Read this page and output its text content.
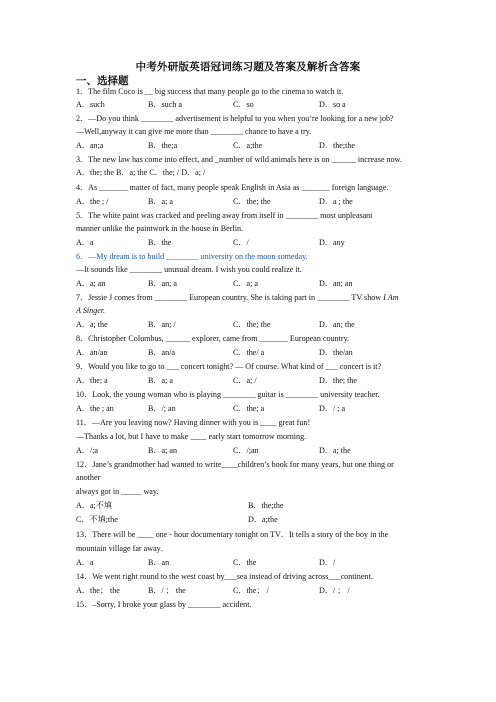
中考外研版英语冠词练习题及答案及解析含答案
一、选择题
1．The film Coco is __ big success that many people go to the cinema to watch it.
A．such	B．such a	C．so	D．so a
2．—Do you think ________ advertisement is helpful to you when you’re looking for a new job?
—Well,anyway it can give me more than ________ chance to have a try.
A．an;a	B．the;a	C．a;the	D．the;the
3．The new law has come into effect, and _number of wild animals here is on ______ increase now.
A．the; the B．a; the C．the; / D．a; /
4．As _______ matter of fact, many people speak English in Asia as _______ foreign language.
A．the ; /	B．a; a	C．the; the	D．a ; the
5．The white paint was cracked and peeling away from itself in ________ most unpleasant
manner unlike the paintwork in the house in Berlin.
A．a	B．the	C．/	D．any
6．—My dream is to build ________ university on the moon someday.
—It sounds like ________ unusual dream. I wish you could realize it.
A．a; an	B．an; a	C．a; a	D．an; an
7．Jessie J comes from ________ European country. She is taking part in ________ TV show I Am
A Singer.
A．a; the	B．an; /	C．the; the	D．an; the
8．Christopher Columbus, ______ explorer, came from _______ European country.
A．an/an	B．an/a	C．the/ a	D．the/an
9．Would you like to go to ___ concert tonight? — Of course. What kind of ___ concert is it?
A．the; a	B．a; a	C．a; /	D．the; the
10．Look, the young woman who is playing ________ guitar is ________ university teacher.
A．the ; an	B．/; an	C．the; a	D．/ ; a
11．—Are you leaving now? Having dinner with you is ____ great fun!
—Thanks a lot, but I have to make ____ early start tomorrow morning.
A．/;a	B．a; an	C．/;an	D．a; the
12．Jane’s grandmother had wanted to write____children’s book for many years, but one thing or
another
always got in _____ way.
A．a;不填	B．the;the
C．不填;the	D．a;the
13．There will be ____ one - hour documentary tonight on TV．It tells a story of the boy in the
mountain village far away．
A．a	B．an	C．the	D．/
14．We went right round to the west coast by___sea instead of driving across___continent．
A．the； the	B．/ ； the	C．the； /	D．/ ； /
15．–Sorry, I broke your glass by ________ accident.
